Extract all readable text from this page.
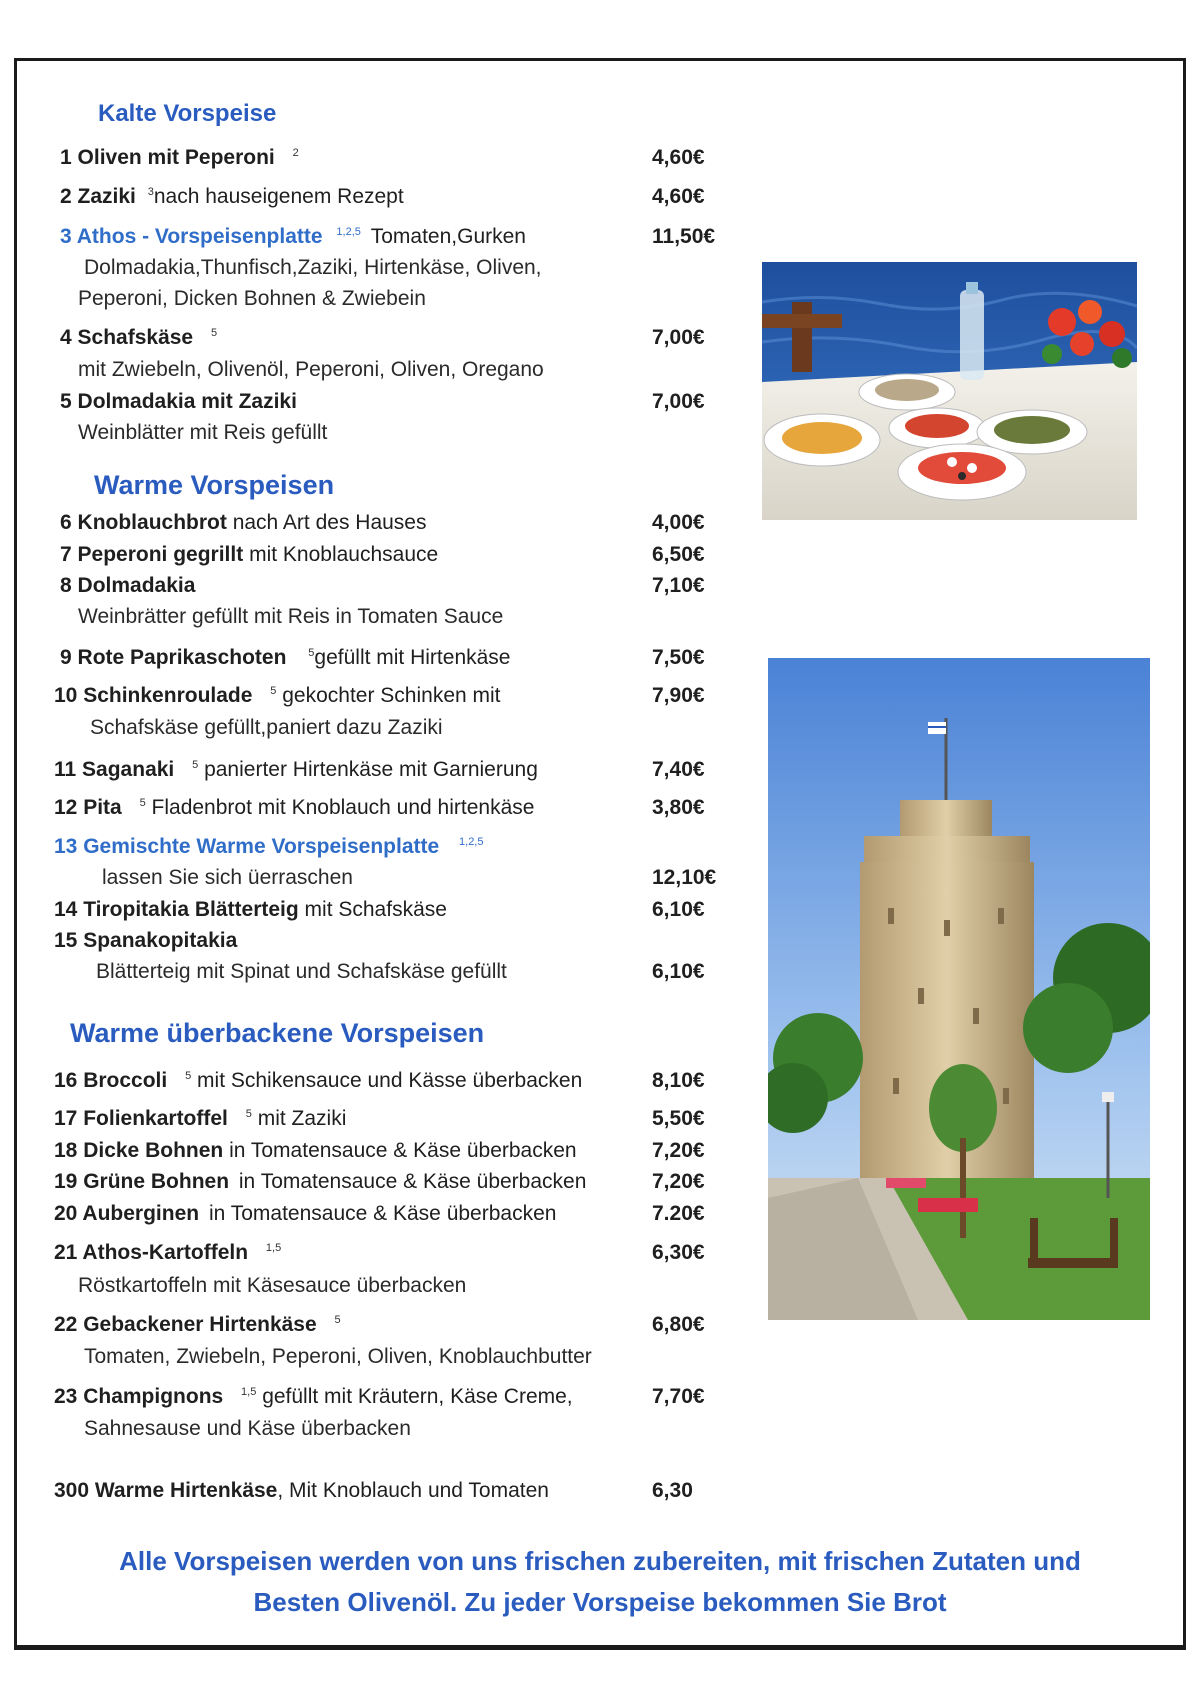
Kalte Vorspeise
Warme Vorspeisen
Warme überbackene Vorspeisen
1 Oliven mit Peperoni $^2$	4,60€
2 Zaziki $^3$nach hauseigenem Rezept	4,60€
3 Athos - Vorspeisenplatte $^{1,2,5}$ Tomaten,Gurken	11,50€
Dolmadakia,Thunfisch,Zaziki, Hirtenkäse, Oliven,
Peperoni, Dicken Bohnen & Zwiebein
4 Schafskäse $^5$	7,00€
mit Zwiebeln, Olivenöl, Peperoni, Oliven, Oregano
5 Dolmadakia mit Zaziki	7,00€
Weinblätter mit Reis gefüllt
6 Knoblauchbrot nach Art des Hauses	4,00€
7 Peperoni gegrillt mit Knoblauchsauce	6,50€
8 Dolmadakia	7,10€
Weinbrätter gefüllt mit Reis in Tomaten Sauce
9 Rote Paprikaschoten $^5$gefüllt mit Hirtenkäse	7,50€
10 Schinkenroulade $^5$ gekochter Schinken mit	7,90€
Schafskäse gefüllt,paniert dazu Zaziki
11 Saganaki $^5$ panierter Hirtenkäse mit Garnierung	7,40€
12 Pita $^5$ Fladenbrot mit Knoblauch und hirtenkäse	3,80€
13 Gemischte Warme Vorspeisenplatte $^{1,2,5}$
lassen Sie sich üerraschen	12,10€
14 Tiropitakia Blätterteig mit Schafskäse	6,10€
15 Spanakopitakia
Blätterteig mit Spinat und Schafskäse gefüllt	6,10€
16 Broccoli $^5$ mit Schikensauce und Kässe überbacken	8,10€
17 Folienkartoffel $^5$ mit Zaziki	5,50€
18 Dicke Bohnen in Tomatensauce & Käse überbacken	7,20€
19 Grüne Bohnen in Tomatensauce & Käse überbacken	7,20€
20 Auberginen in Tomatensauce & Käse überbacken	7.20€
21 Athos-Kartoffeln $^{1,5}$	6,30€
Röstkartoffeln mit Käsesauce überbacken
22 Gebackener Hirtenkäse $^5$	6,80€
Tomaten, Zwiebeln, Peperoni, Oliven, Knoblauchbutter
23 Champignons $^{1,5}$ gefüllt mit Kräutern, Käse Creme,	7,70€
Sahnesause und Käse überbacken
300 Warme Hirtenkäse, Mit Knoblauch und Tomaten	6,30
Alle Vorspeisen werden von uns frischen zubereiten, mit frischen Zutaten und
Besten Olivenöl. Zu jeder Vorspeise bekommen Sie Brot
